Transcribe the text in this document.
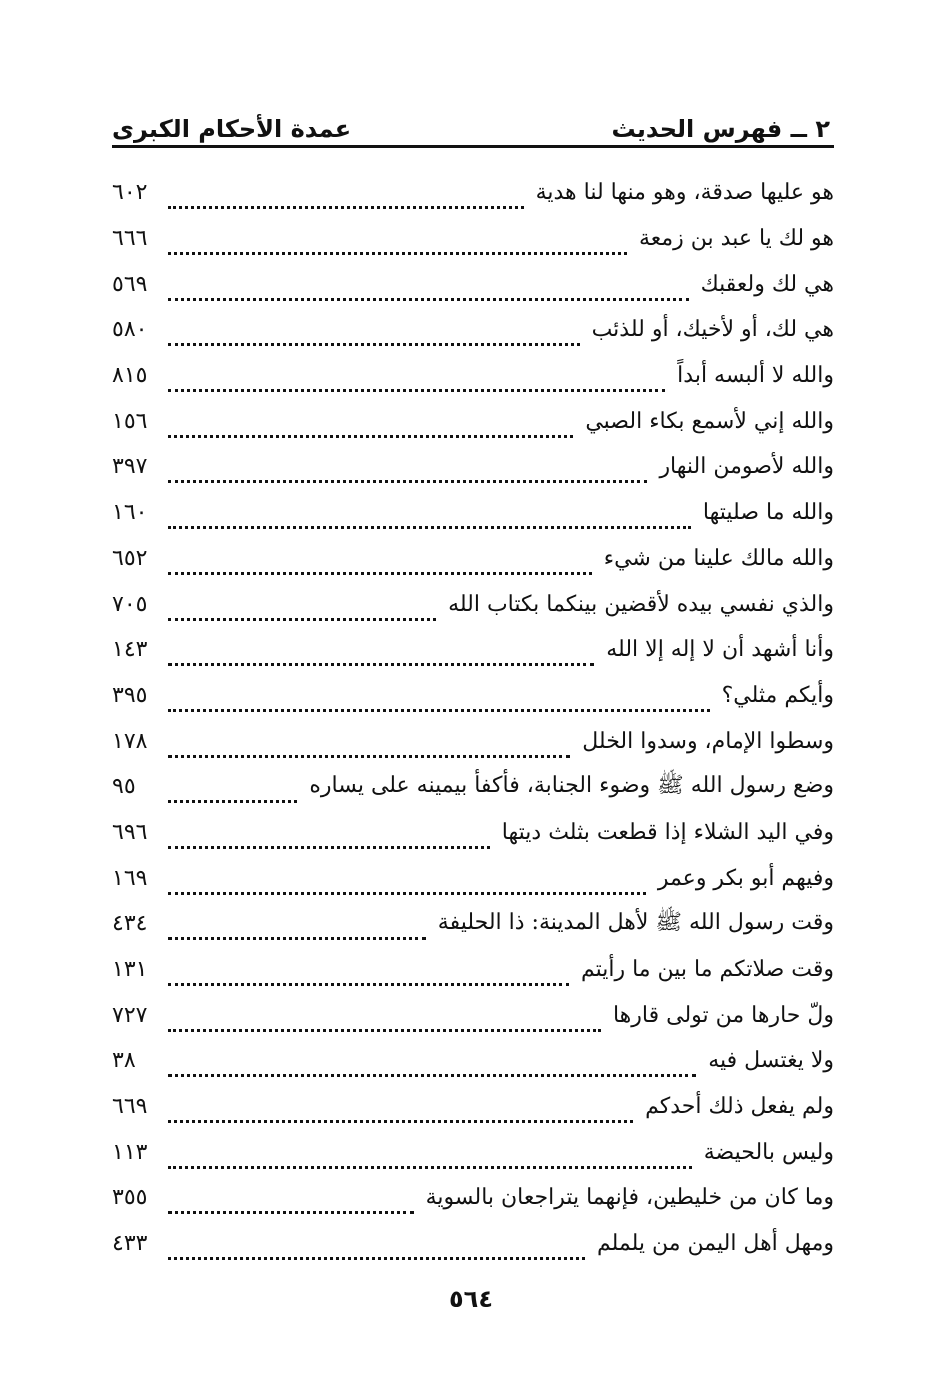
٢ ــ فهرس الحديث
عمدة الأحكام الكبرى
هو عليها صدقة، وهو منها لنا هدية
٦٠٢
هو لك يا عبد بن زمعة
٦٦٦
هي لك ولعقبك
٥٦٩
هي لك، أو لأخيك، أو للذئب
٥٨٠
والله لا ألبسه أبداً
٨١٥
والله إني لأسمع بكاء الصبي
١٥٦
والله لأصومن النهار
٣٩٧
والله ما صليتها
١٦٠
والله مالك علينا من شيء
٦٥٢
والذي نفسي بيده لأقضين بينكما بكتاب الله
٧٠٥
وأنا أشهد أن لا إله إلا الله
١٤٣
وأيكم مثلي؟
٣٩٥
وسطوا الإمام، وسدوا الخلل
١٧٨
وضع رسول الله ﷺ وضوء الجنابة، فأكفأ بيمينه على يساره
٩٥
وفي اليد الشلاء إذا قطعت بثلث ديتها
٦٩٦
وفيهم أبو بكر وعمر
١٦٩
وقت رسول الله ﷺ لأهل المدينة: ذا الحليفة
٤٣٤
وقت صلاتكم ما بين ما رأيتم
١٣١
ولّ حارها من تولى قارها
٧٢٧
ولا يغتسل فيه
٣٨
ولم يفعل ذلك أحدكم
٦٦٩
وليس بالحيضة
١١٣
وما كان من خليطين، فإنهما يتراجعان بالسوية
٣٥٥
ومهل أهل اليمن من يلملم
٤٣٣
٥٦٤
